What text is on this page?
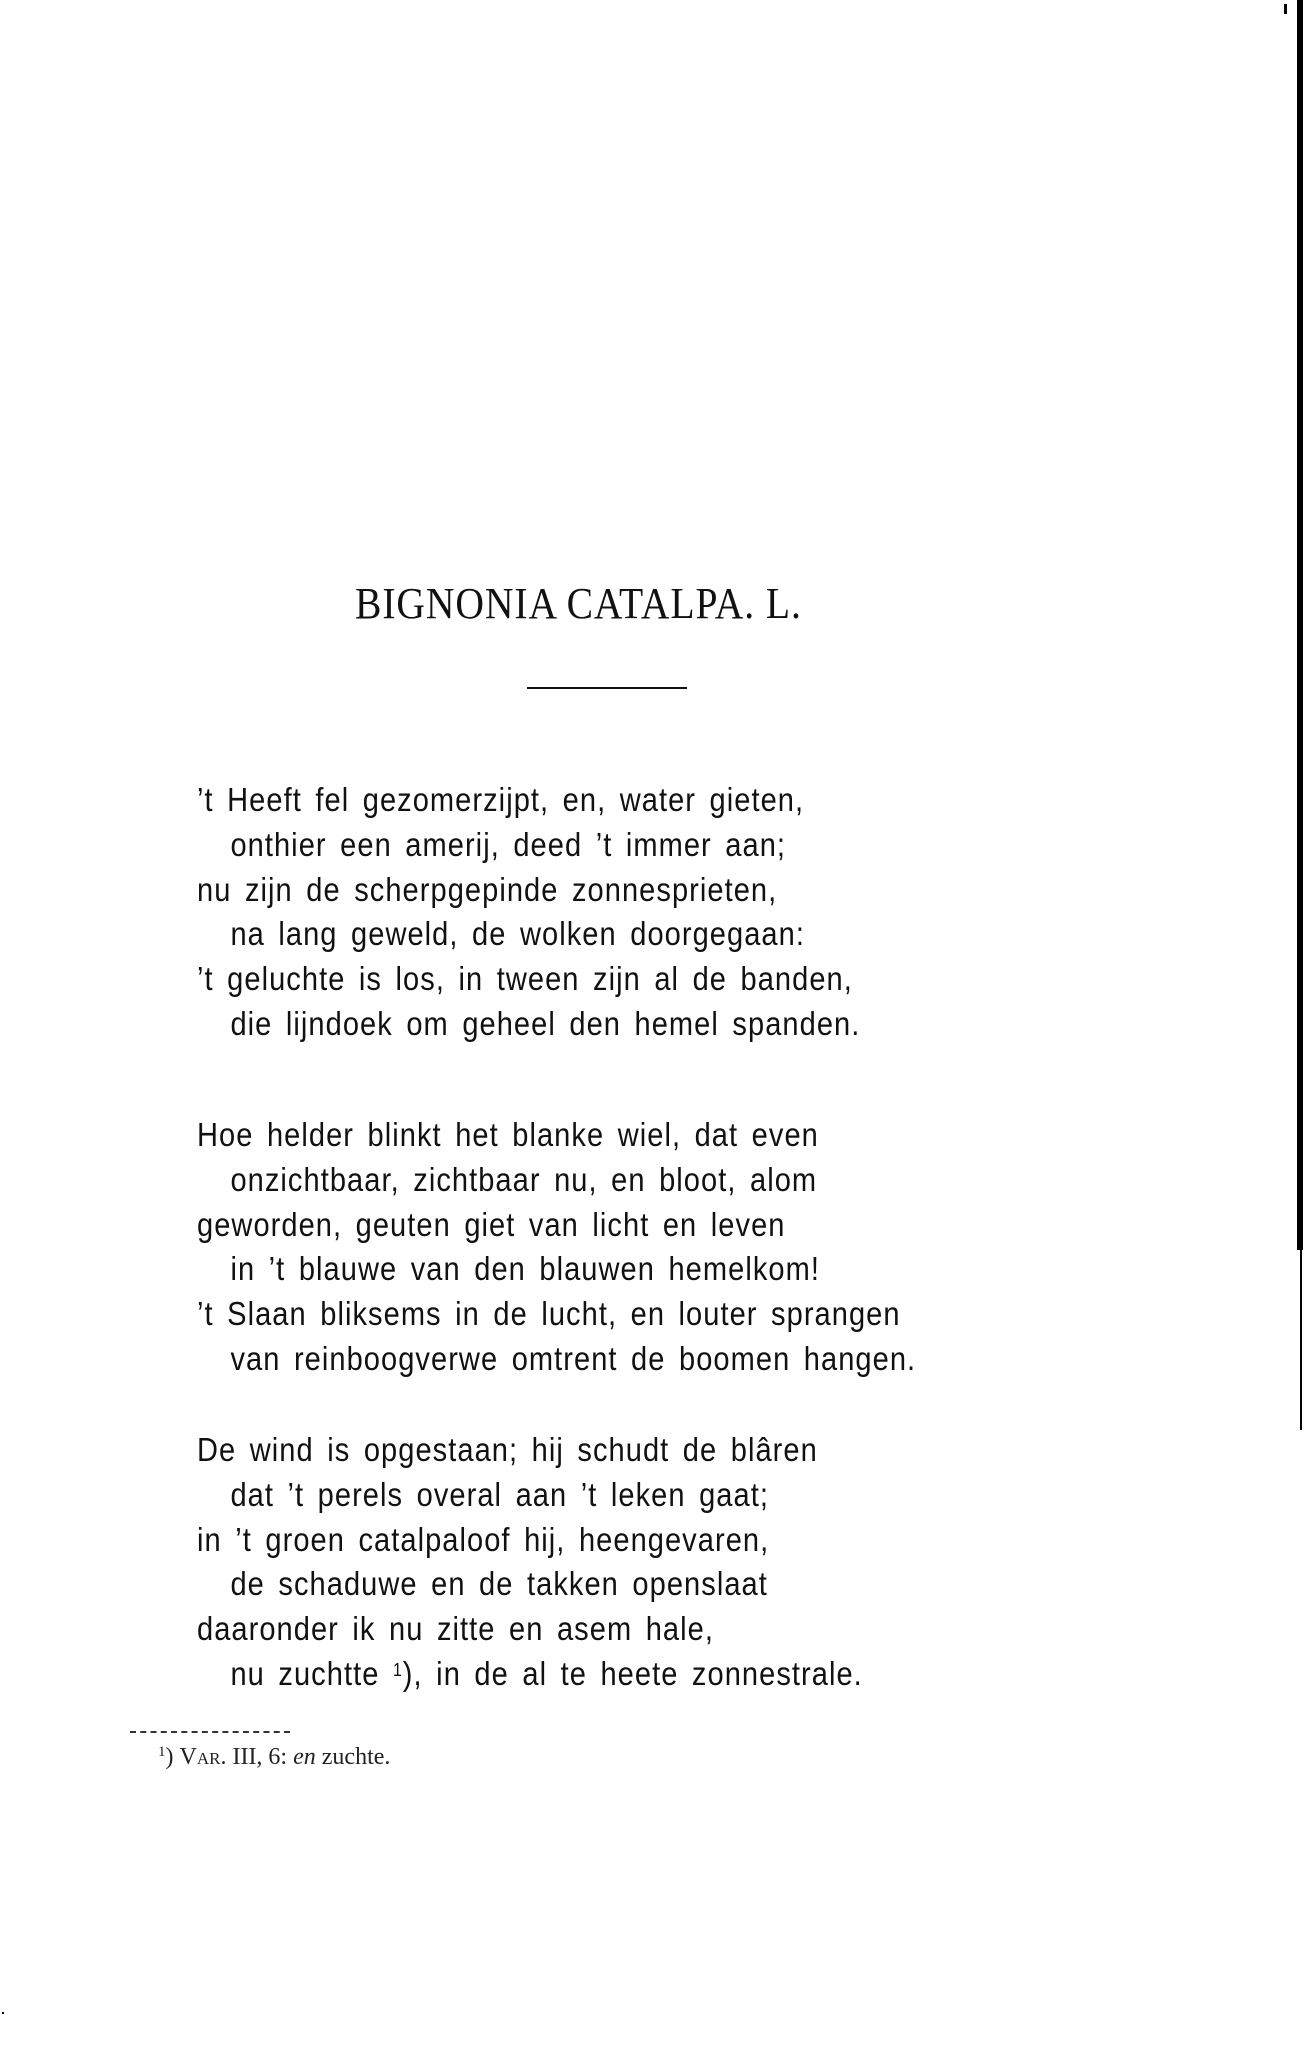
BIGNONIA CATALPA. L.
’t Heeft fel gezomerzijpt, en, water gieten,
onthier een amerij, deed ’t immer aan;
nu zijn de scherpgepinde zonnesprieten,
na lang geweld, de wolken doorgegaan:
’t geluchte is los, in tween zijn al de banden,
die lijndoek om geheel den hemel spanden.
Hoe helder blinkt het blanke wiel, dat even
onzichtbaar, zichtbaar nu, en bloot, alom
geworden, geuten giet van licht en leven
in ’t blauwe van den blauwen hemelkom!
’t Slaan bliksems in de lucht, en louter sprangen
van reinboogverwe omtrent de boomen hangen.
De wind is opgestaan; hij schudt de blâren
dat ’t perels overal aan ’t leken gaat;
in ’t groen catalpaloof hij, heengevaren,
de schaduwe en de takken openslaat
daaronder ik nu zitte en asem hale,
nu zuchtte $^1$), in de al te heete zonnestrale.
$^1$) Var. III, 6: en zuchte.
